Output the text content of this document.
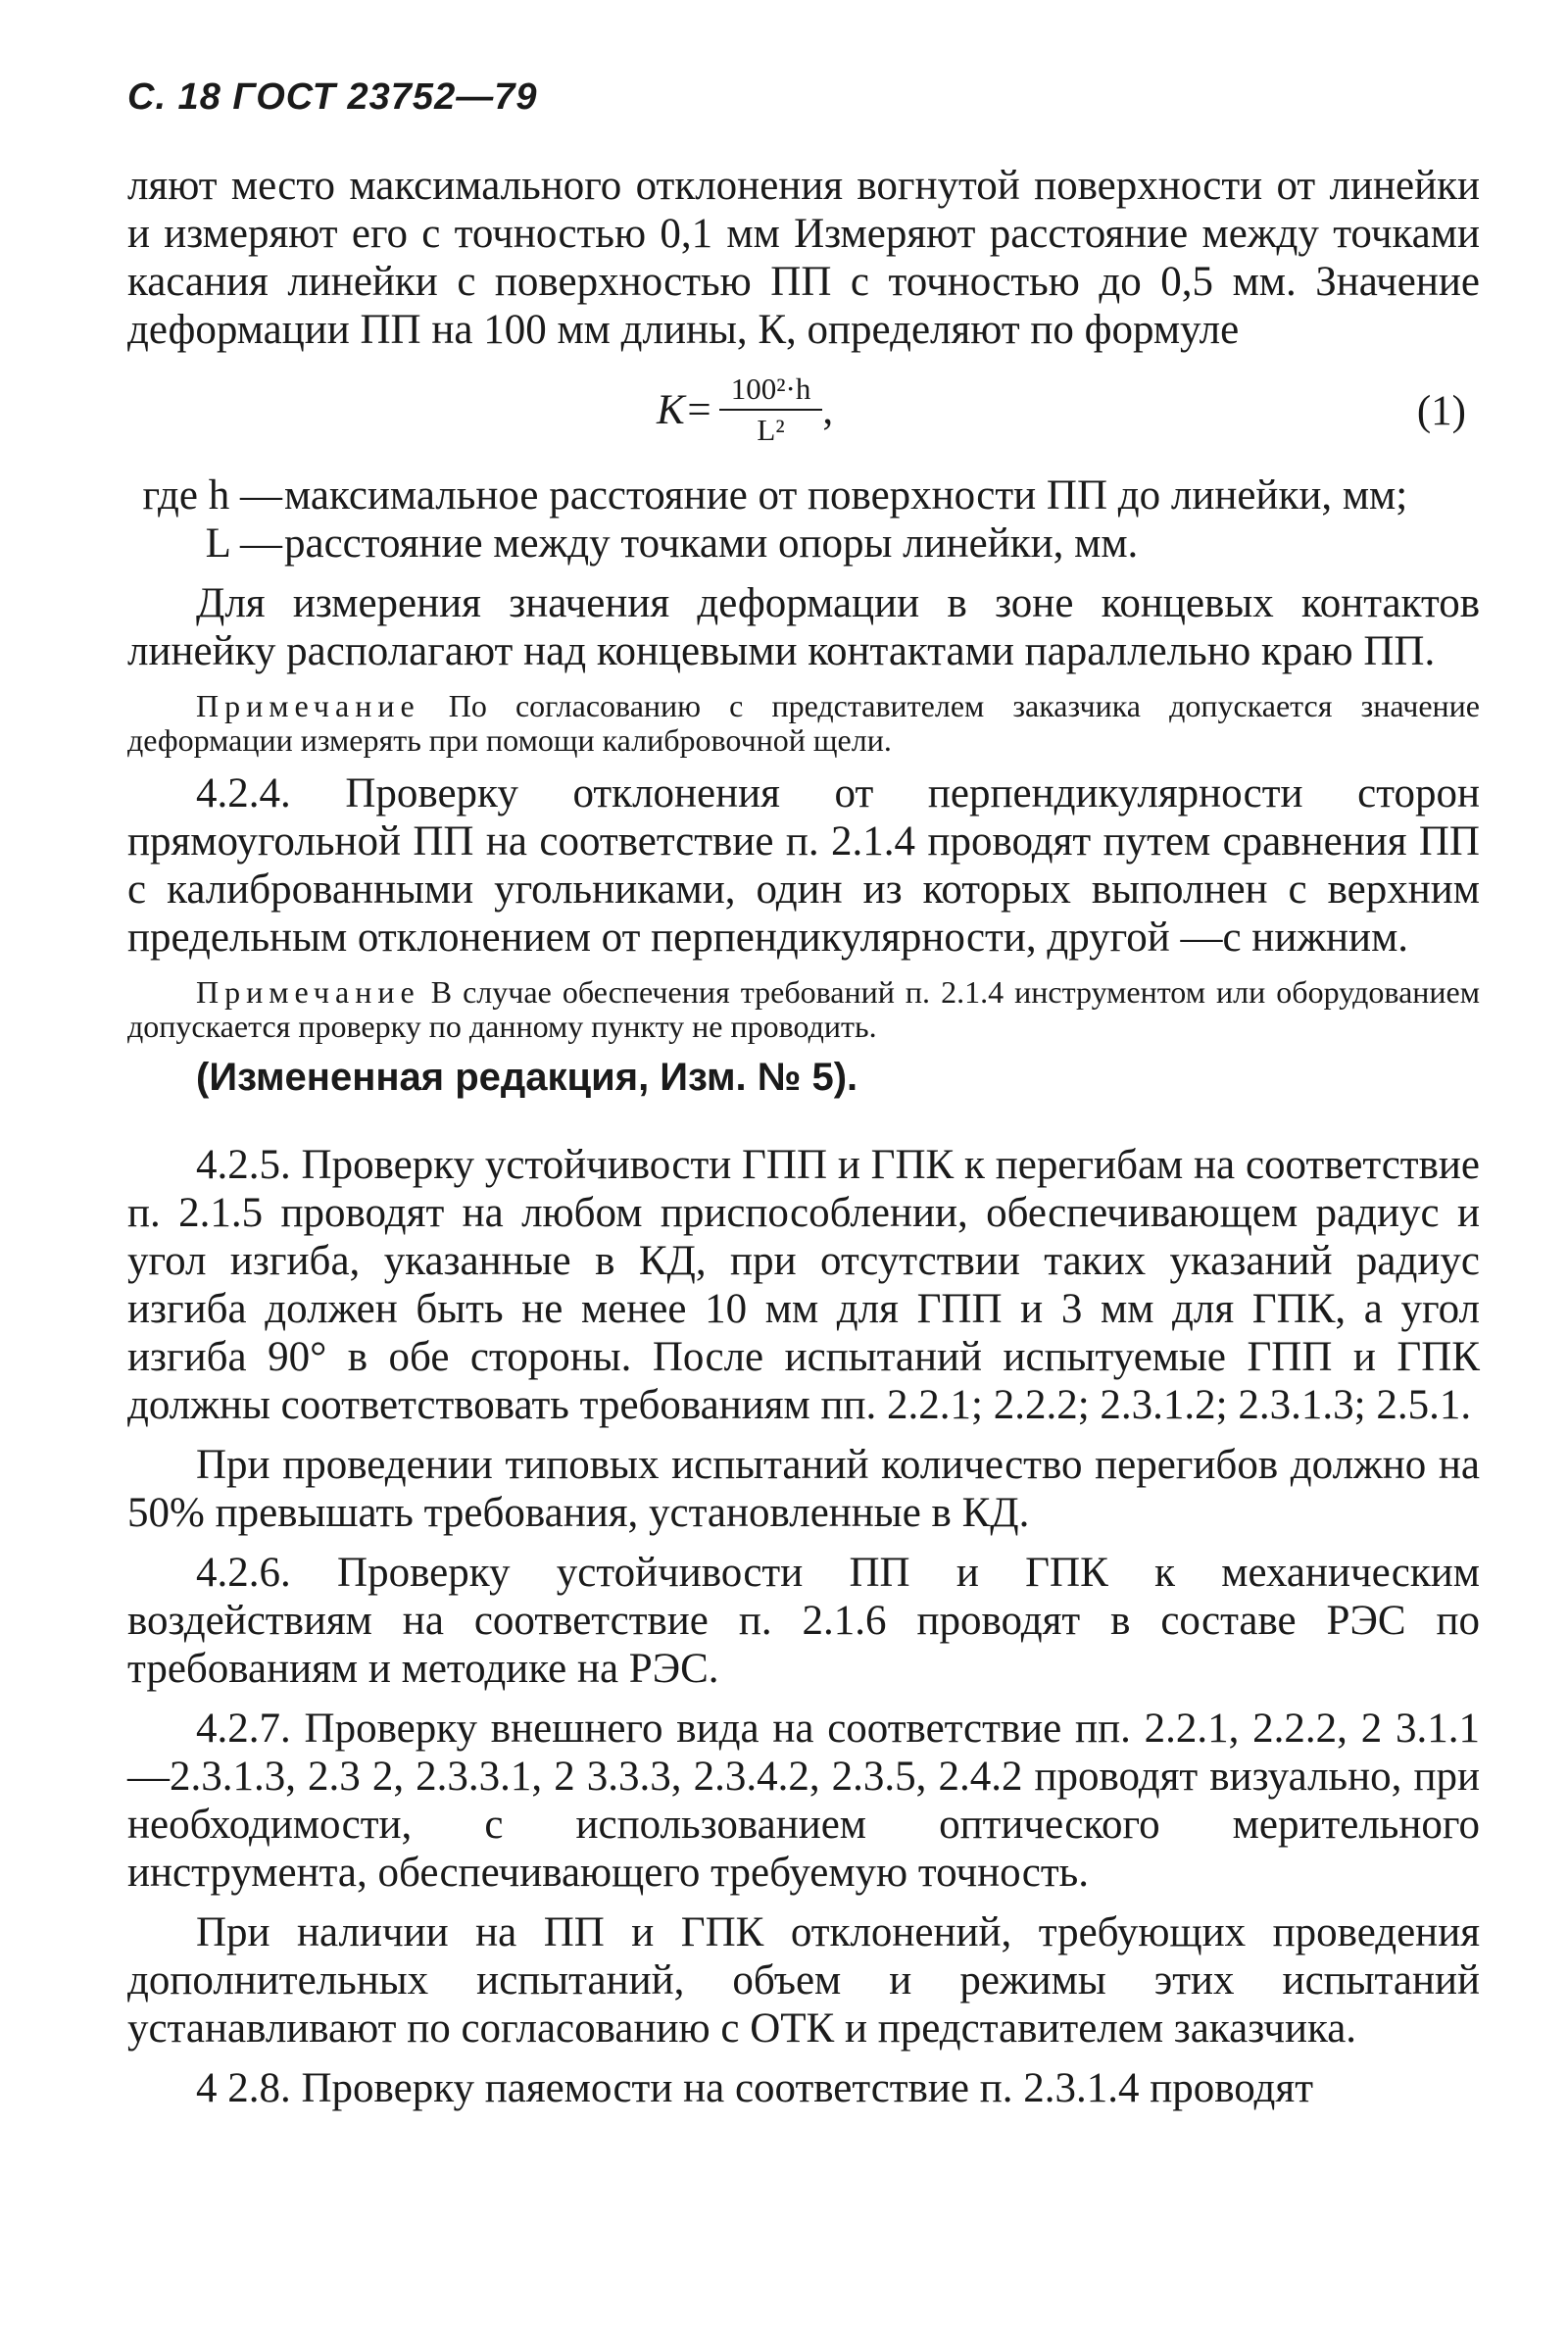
С. 18 ГОСТ 23752—79

ляют место максимального отклонения вогнутой поверхности от линейки и измеряют его с точностью 0,1 мм Измеряют расстояние между точками касания линейки с поверхностью ПП с точностью до 0,5 мм. Значение деформации ПП на 100 мм длины, К, определяют по формуле

$K= \frac{\text{100²·h}}{\text{L²}}$ ,	(1)
где h — максимальное расстояние от поверхности ПП до линейки, мм;
L — расстояние между точками опоры линейки, мм.

Для измерения значения деформации в зоне концевых контактов линейку располагают над концевыми контактами параллельно краю ПП.

Примечание По согласованию с представителем заказчика допускается значение деформации измерять при помощи калибровочной щели.

4.2.4. Проверку отклонения от перпендикулярности сторон прямоугольной ПП на соответствие п. 2.1.4 проводят путем сравнения ПП с калиброванными угольниками, один из которых выполнен с верхним предельным отклонением от перпендикулярности, другой —с нижним.

Примечание В случае обеспечения требований п. 2.1.4 инструментом или оборудованием допускается проверку по данному пункту не проводить.

(Измененная редакция, Изм. № 5).

4.2.5. Проверку устойчивости ГПП и ГПК к перегибам на соответствие п. 2.1.5 проводят на любом приспособлении, обеспечивающем радиус и угол изгиба, указанные в КД, при отсутствии таких указаний радиус изгиба должен быть не менее 10 мм для ГПП и 3 мм для ГПК, а угол изгиба 90° в обе стороны. После испытаний испытуемые ГПП и ГПК должны соответствовать требованиям пп. 2.2.1; 2.2.2; 2.3.1.2; 2.3.1.3; 2.5.1.

При проведении типовых испытаний количество перегибов должно на 50% превышать требования, установленные в КД.

4.2.6. Проверку устойчивости ПП и ГПК к механическим воздействиям на соответствие п. 2.1.6 проводят в составе РЭС по требованиям и методике на РЭС.

4.2.7. Проверку внешнего вида на соответствие пп. 2.2.1, 2.2.2, 2 3.1.1—2.3.1.3, 2.3 2, 2.3.3.1, 2 3.3.3, 2.3.4.2, 2.3.5, 2.4.2 проводят визуально, при необходимости, с использованием оптического мерительного инструмента, обеспечивающего требуемую точность.

При наличии на ПП и ГПК отклонений, требующих проведения дополнительных испытаний, объем и режимы этих испытаний устанавливают по согласованию с ОТК и представителем заказчика.

4 2.8. Проверку паяемости на соответствие п. 2.3.1.4 проводят
